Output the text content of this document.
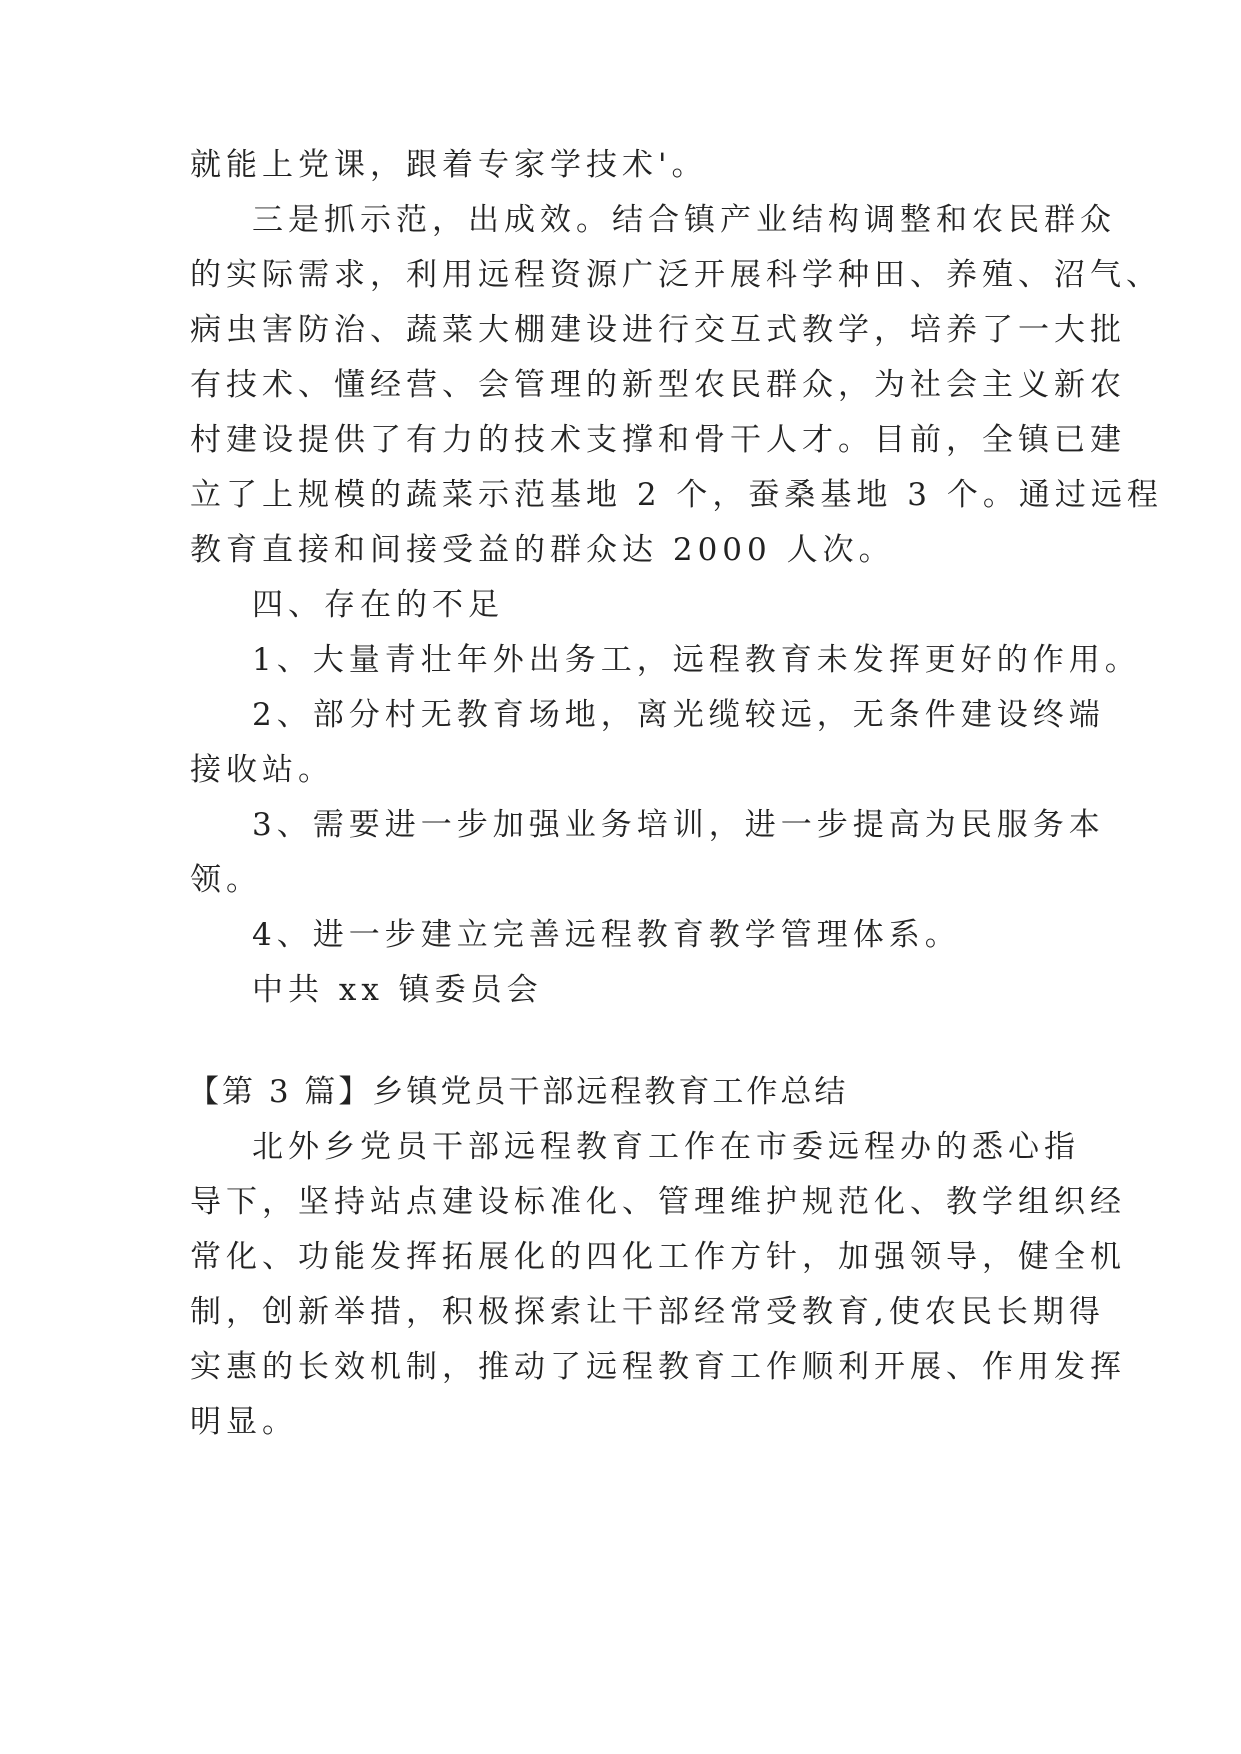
就能上党课，跟着专家学技术'。
三是抓示范，出成效。结合镇产业结构调整和农民群众
的实际需求，利用远程资源广泛开展科学种田、养殖、沼气、
病虫害防治、蔬菜大棚建设进行交互式教学，培养了一大批
有技术、懂经营、会管理的新型农民群众，为社会主义新农
村建设提供了有力的技术支撑和骨干人才。目前，全镇已建
立了上规模的蔬菜示范基地 2 个，蚕桑基地 3 个。通过远程
教育直接和间接受益的群众达 2000 人次。
四、存在的不足
1、大量青壮年外出务工，远程教育未发挥更好的作用。
2、部分村无教育场地，离光缆较远，无条件建设终端
接收站。
3、需要进一步加强业务培训，进一步提高为民服务本
领。
4、进一步建立完善远程教育教学管理体系。
中共 xx 镇委员会
【第 3 篇】乡镇党员干部远程教育工作总结
北外乡党员干部远程教育工作在市委远程办的悉心指
导下，坚持站点建设标准化、管理维护规范化、教学组织经
常化、功能发挥拓展化的四化工作方针，加强领导，健全机
制，创新举措，积极探索让干部经常受教育,使农民长期得
实惠的长效机制，推动了远程教育工作顺利开展、作用发挥
明显。
